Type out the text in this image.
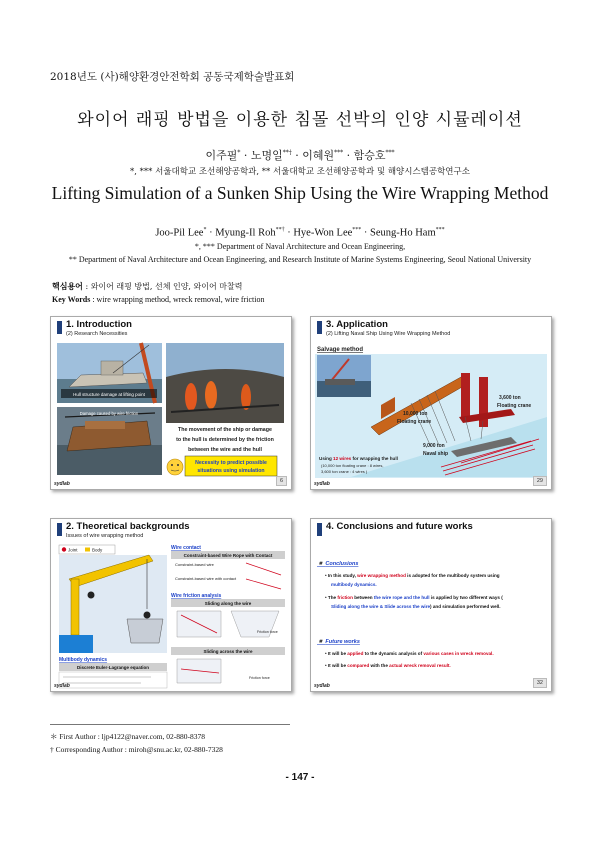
2018년도 (사)해양환경안전학회 공동국제학술발표회
와이어 래핑 방법을 이용한 침몰 선박의 인양 시뮬레이션
이주필* · 노명일**† · 이혜원*** · 함승호***
*, *** 서울대학교 조선해양공학과, ** 서울대학교 조선해양공학과 및 해양시스템공학연구소
Lifting Simulation of a Sunken Ship Using the Wire Wrapping Method
Joo-Pil Lee* · Myung-Il Roh**† · Hye-Won Lee*** · Seung-Ho Ham***
*, *** Department of Naval Architecture and Ocean Engineering,
** Department of Naval Architecture and Ocean Engineering, and Research Institute of Marine Systems Engineering, Seoul National University
핵심용어 : 와이어 래핑 방법, 선체 인양, 와이어 마찰력
Key Words : wire wrapping method, wreck removal, wire friction
1. Introduction
(2) Research Necessities
Hull structure damage at lifting point
Damage caused by wire friction
The movement of the ship or damage
to the hull is determined by the friction
between the wire and the hull
Necessity to predict possible
situations using simulation
sydlab	6
3. Application
(2) Lifting Naval Ship Using Wire Wrapping Method
Salvage method
10,000 ton
Floating crane
3,600 ton
Floating crane
9,000 ton
Naval ship
Using 12 wires for wrapping the hull
(10,000 ton floating crane : 8 wires,
3,600 ton crane : 4 wires )
sydlab	29
2. Theoretical backgrounds
Issues of wire wrapping method
Joint	Body	Wire contact
Constraint-based Wire Rope with Contact
Constraint-based wire
Constraint-based wire with contact
Wire friction analysis
Sliding along the wire
Friction force
Sliding across the wire
Friction force
Multibody dynamics
Discrete Euler-Lagrange equation
sydlab
4. Conclusions and future works
◾ Conclusions
• In this study, wire wrapping method is adopted for the multibody system using
multibody dynamics.
• The friction between the wire rope and the hull is applied by two different ways (
Sliding along the wire & Slide across the wire) and simulation performed well.
◾ Future works
• It will be applied to the dynamic analysis of various cases in wreck removal.
• It will be compared with the actual wreck removal result.
sydlab	32
＊ First Author : ljp4122@naver.com, 02-880-8378
† Corresponding Author : miroh@snu.ac.kr, 02-880-7328
- 147 -
